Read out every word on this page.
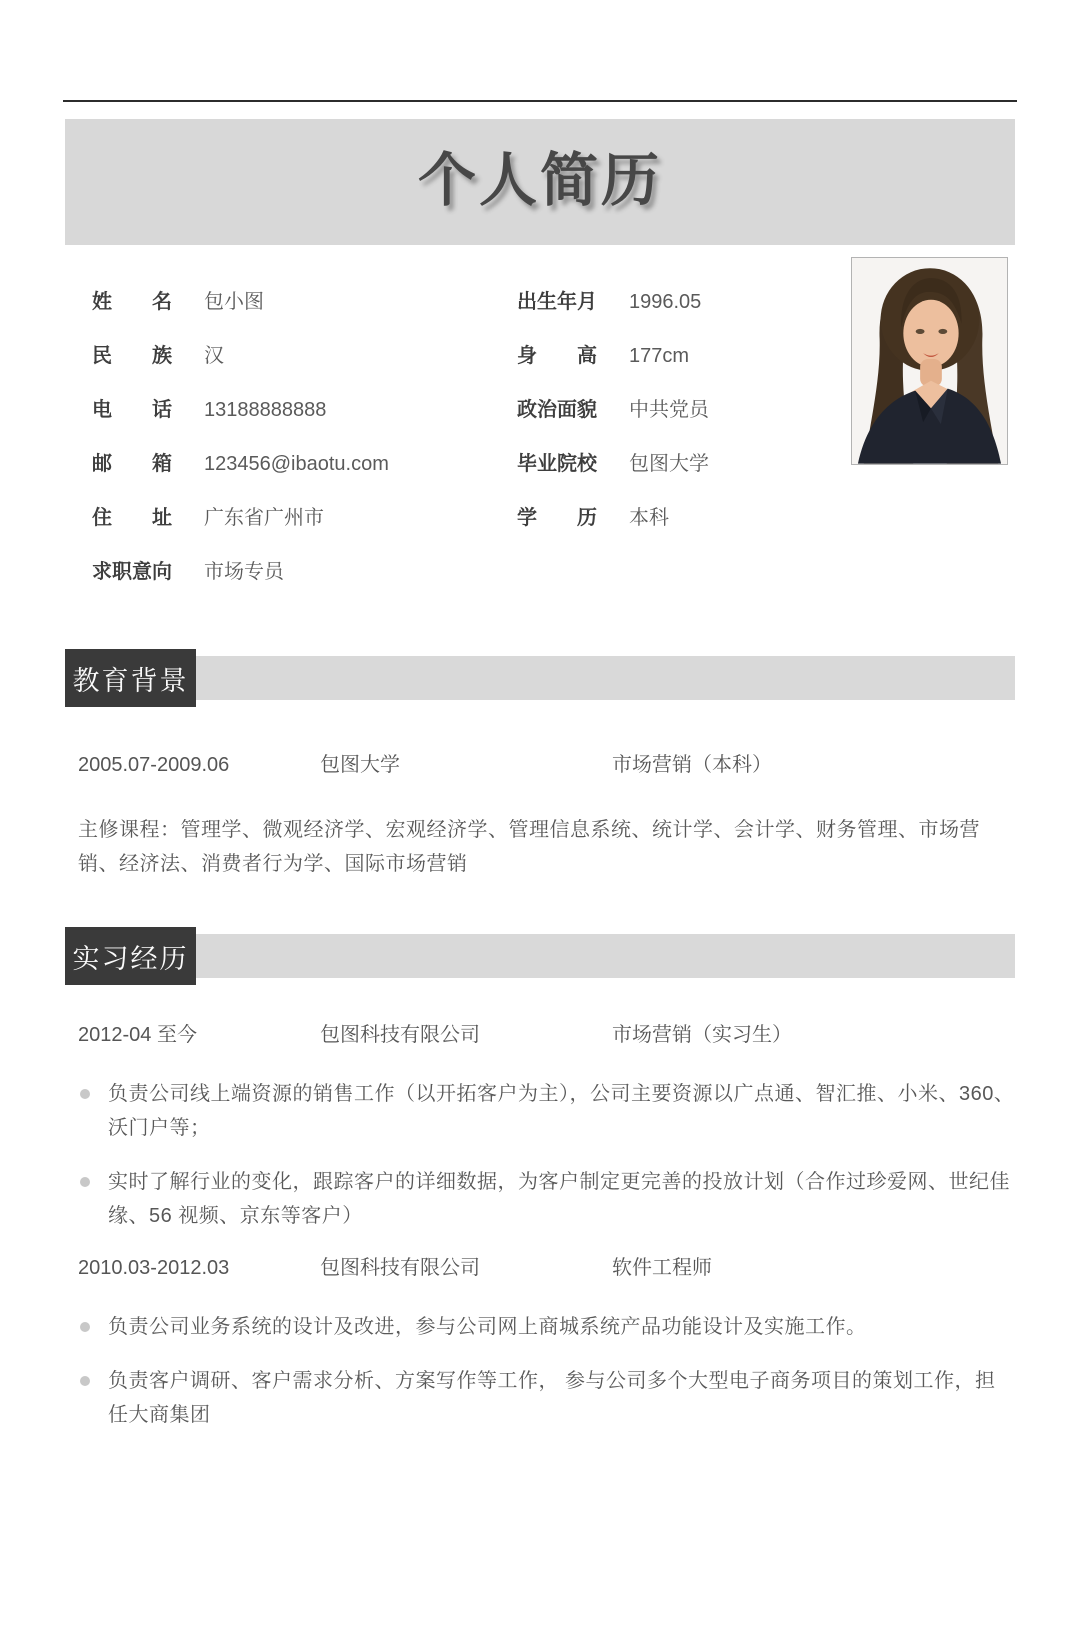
个人简历
姓名 包小图
民族 汉
电话 13188888888
邮箱 123456@ibaotu.com
住址 广东省广州市
求职意向 市场专员
出生年月 1996.05
身高 177cm
政治面貌 中共党员
毕业院校 包图大学
学历 本科
教育背景
2005.07-2009.06	包图大学	市场营销（本科）

主修课程：管理学、微观经济学、宏观经济学、管理信息系统、统计学、会计学、财务管理、市场营销、经济法、消费者行为学、国际市场营销

实习经历
2012-04 至今	包图科技有限公司	市场营销（实习生）
负责公司线上端资源的销售工作（以开拓客户为主），公司主要资源以广点通、智汇推、小米、360、沃门户等；
实时了解行业的变化，跟踪客户的详细数据，为客户制定更完善的投放计划（合作过珍爱网、世纪佳缘、56 视频、京东等客户）
2010.03-2012.03	包图科技有限公司	软件工程师
负责公司业务系统的设计及改进，参与公司网上商城系统产品功能设计及实施工作。
负责客户调研、客户需求分析、方案写作等工作， 参与公司多个大型电子商务项目的策划工作，担任大商集团
